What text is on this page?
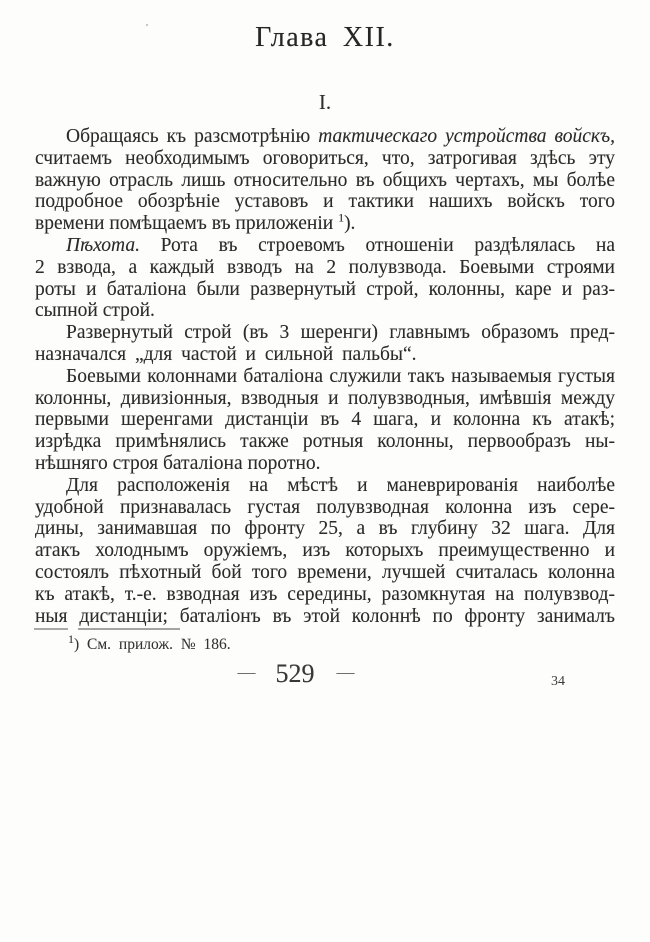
Глава XII.
I.
Обращаясь къ разсмотрѣнію тактическаго устройства войскъ,
считаемъ необходимымъ оговориться, что, затрогивая здѣсь эту
важную отрасль лишь относительно въ общихъ чертахъ, мы болѣе
подробное обозрѣніе уставовъ и тактики нашихъ войскъ того
времени помѣщаемъ въ приложеніи $^1$).
Пѣхота. Рота въ строевомъ отношеніи раздѣлялась на
2 взвода, а каждый взводъ на 2 полувзвода. Боевыми строями
роты и баталіона были развернутый строй, колонны, каре и раз-
сыпной строй.
Развернутый строй (въ 3 шеренги) главнымъ образомъ пред-
назначался „для частой и сильной пальбы“.
Боевыми колоннами баталіона служили такъ называемыя густыя
колонны, дивизіонныя, взводныя и полувзводныя, имѣвшія между
первыми шеренгами дистанціи въ 4 шага, и колонна къ атакѣ;
изрѣдка примѣнялись также ротныя колонны, первообразъ ны-
нѣшняго строя баталіона поротно.
Для расположенія на мѣстѣ и маневрированія наиболѣе
удобной признавалась густая полувзводная колонна изъ сере-
дины, занимавшая по фронту 25, а въ глубину 32 шага. Для
атакъ холоднымъ оружіемъ, изъ которыхъ преимущественно и
состоялъ пѣхотный бой того времени, лучшей считалась колонна
къ атакѣ, т.-е. взводная изъ середины, разомкнутая на полувзвод-
ныя дистанціи; баталіонъ въ этой колоннѣ по фронту занималъ
$^1$) См. прилож. № 186.
— 529 —	34
